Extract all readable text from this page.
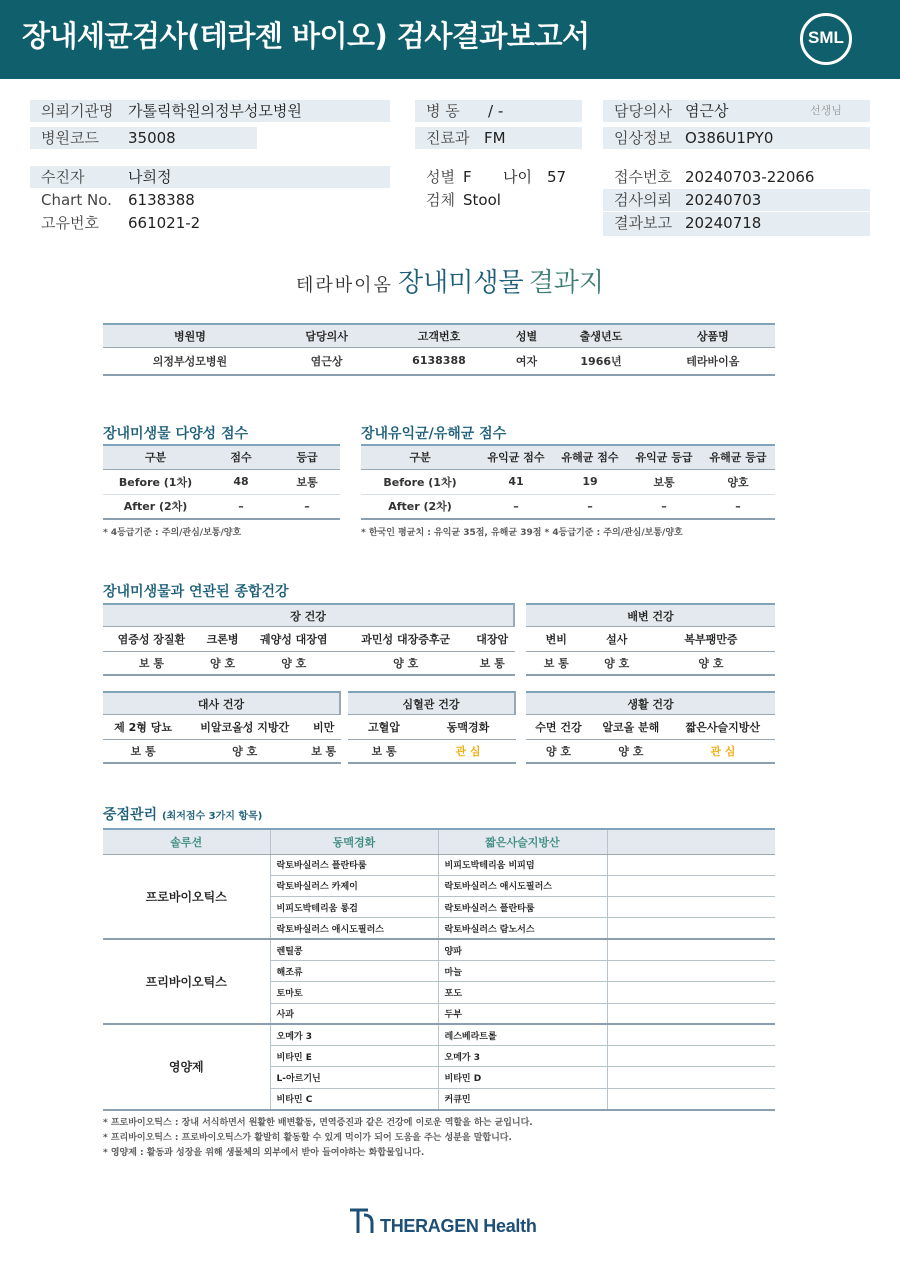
장내세균검사(테라젠 바이오) 검사결과보고서	SML
의뢰기관명 가톨릭학원의정부성모병원
병원코드 35008
병 동 / -
진료과 FM
담당의사 염근상	선생님
임상정보 O386U1PY0
수진자	나희정
Chart No. 6138388
고유번호 661021-2
성별 F 나이 57
검체 Stool
접수번호 20240703-22066
검사의뢰 20240703
결과보고 20240718
테라바이옴 장내미생물 결과지
병원명	담당의사	고객번호	성별	출생년도	상품명
의정부성모병원	염근상	6138388	여자	1966년	테라바이옴
장내미생물 다양성 점수
구분	점수	등급
Before (1차)	48	보통
After (2차)	–	–
* 4등급기준 : 주의/관심/보통/양호
장내유익균/유해균 점수
구분	유익균 점수	유해균 점수	유익균 등급	유해균 등급
Before (1차)	41	19	보통	양호
After (2차)	–	–	–	–
* 한국인 평균치 : 유익균 35점, 유해균 39점 * 4등급기준 : 주의/관심/보통/양호
장내미생물과 연관된 종합건강
장 건강
염증성 장질환	크론병	궤양성 대장염	과민성 대장증후군	대장암
보 통	양 호	양 호	양 호	보 통
배변 건강
변비	설사	복부팽만증
보 통	양 호	양 호
대사 건강
제 2형 당뇨	비알코올성 지방간	비만
보 통	양 호	보 통
심혈관 건강
고혈압	동맥경화
보 통	관 심
생활 건강
수면 건강	알코올 분해	짧은사슬지방산
양 호	양 호	관 심
중점관리 (최저점수 3가지 항목)
솔루션	동맥경화	짧은사슬지방산	
프로바이오틱스	락토바실러스 플란타룸	비피도박테리움 비피덤	
	락토바실러스 카제이	락토바실러스 애시도필러스	
	비피도박테리움 롱검	락토바실러스 플란타룸	
	락토바실러스 애시도필러스	락토바실러스 람노서스	
프리바이오틱스	렌틸콩	양파	
	해조류	마늘	
	토마토	포도	
	사과	두부	
영양제	오메가 3	레스베라트롤	
	비타민 E	오메가 3	
	L-아르기닌	비타민 D	
	비타민 C	커큐민	
* 프로바이오틱스 : 장내 서식하면서 원활한 배변활동, 면역증진과 같은 건강에 이로운 역할을 하는 균입니다.
* 프리바이오틱스 : 프로바이오틱스가 활발히 활동할 수 있게 먹이가 되어 도움을 주는 성분을 말합니다.
* 영양제 : 활동과 성장을 위해 생물체의 외부에서 받아 들여야하는 화합물입니다.
THERAGEN Health
